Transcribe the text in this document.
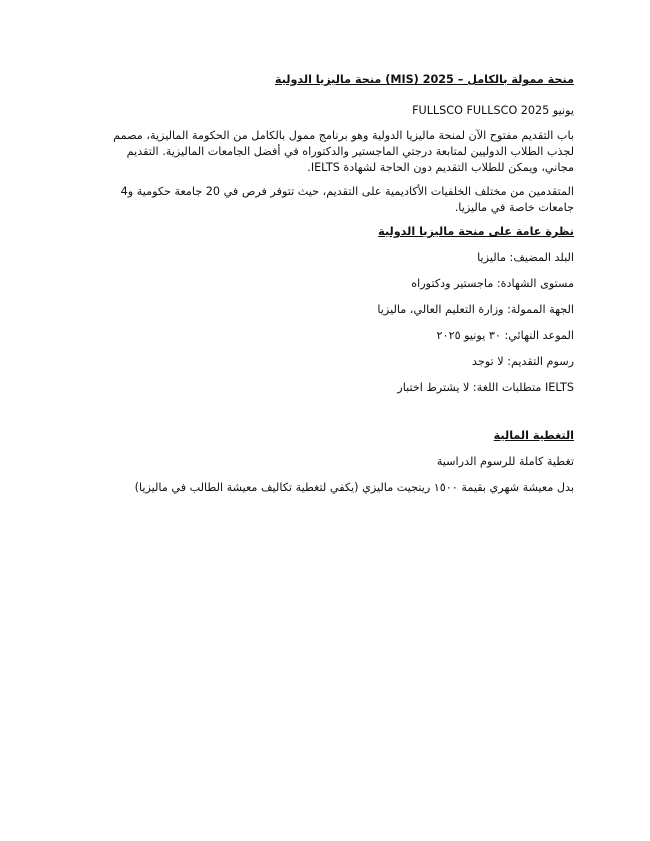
منحة ممولة بالكامل – 2025 (MIS) منحة ماليزيا الدولية

يونيو FULLSCO FULLSCO 2025

باب التقديم مفتوح الآن لمنحة ماليزيا الدولية وهو برنامج ممول بالكامل من الحكومة الماليزية، مصمم لجذب الطلاب الدوليين لمتابعة درجتي الماجستير والدكتوراه في أفضل الجامعات الماليزية. التقديم مجاني، ويمكن للطلاب التقديم دون الحاجة لشهادة IELTS.

المتقدمين من مختلف الخلفيات الأكاديمية على التقديم، حيث تتوفر فرص في 20 جامعة حكومية و4 جامعات خاصة في ماليزيا.

نظرة عامة على منحة ماليزيا الدولية

البلد المضيف: ماليزيا
مستوى الشهادة: ماجستير ودكتوراه
الجهة الممولة: وزارة التعليم العالي، ماليزيا
الموعد النهائي: ٣٠ يونيو ٢٠٢٥
رسوم التقديم: لا توجد
IELTS متطلبات اللغة: لا يشترط اختبار

التغطية المالية

تغطية كاملة للرسوم الدراسية
بدل معيشة شهري بقيمة ١٥٠٠ رينجيت ماليزي (يكفي لتغطية تكاليف معيشة الطالب في ماليزيا)
